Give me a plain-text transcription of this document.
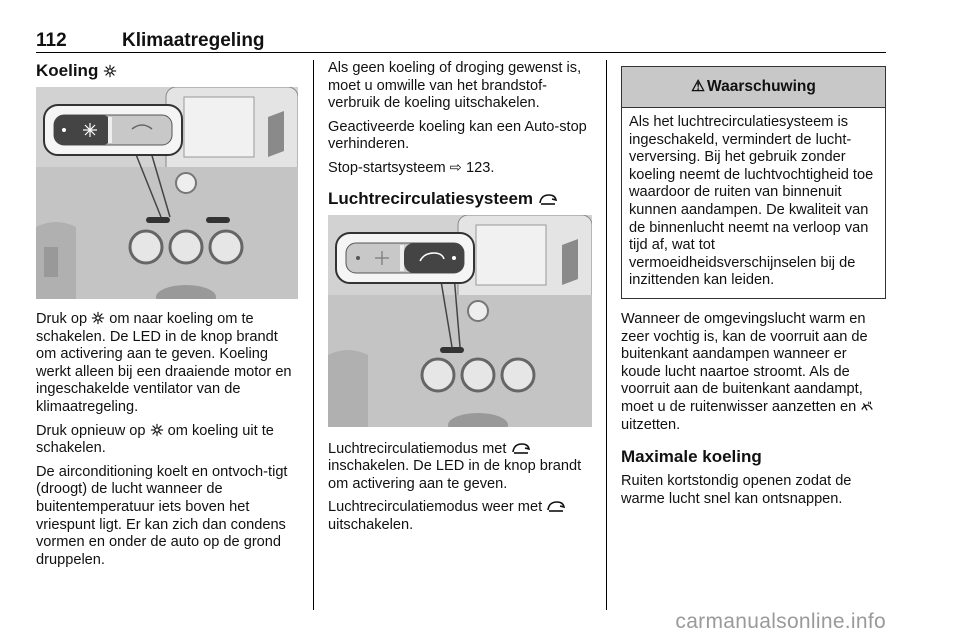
112	Klimaatregeling
Koeling

Druk op om naar koeling om te schakelen. De LED in de knop brandt om activering aan te geven. Koeling werkt alleen bij een draaiende motor en ingeschakelde ventilator van de klimaatregeling.

Druk opnieuw op om koeling uit te schakelen.

De airconditioning koelt en ontvoch-tigt (droogt) de lucht wanneer de buitentemperatuur iets boven het vriespunt ligt. Er kan zich dan condens vormen en onder de auto op de grond druppelen.

Als geen koeling of droging gewenst is, moet u omwille van het brandstof-verbruik de koeling uitschakelen.

Geactiveerde koeling kan een Auto-stop verhinderen.

Stop-startsysteem ⇨ 123.

Luchtrecirculatiesysteem

Luchtrecirculatiemodus met
inschakelen. De LED in de knop brandt om activering aan te geven.

Luchtrecirculatiemodus weer met
uitschakelen.

⚠ Waarschuwing
Als het luchtrecirculatiesysteem is ingeschakeld, vermindert de lucht-verversing. Bij het gebruik zonder koeling neemt de luchtvochtigheid toe waardoor de ruiten van binnenuit kunnen aandampen. De kwaliteit van de binnenlucht neemt na verloop van tijd af, wat tot vermoeidheidsverschijnselen bij de inzittenden kan leiden.

Wanneer de omgevingslucht warm en zeer vochtig is, kan de voorruit aan de buitenkant aandampen wanneer er koude lucht naartoe stroomt. Als de voorruit aan de buitenkant aandampt, moet u de ruitenwisser aanzetten en
uitzetten.

Maximale koeling

Ruiten kortstondig openen zodat de warme lucht snel kan ontsnappen.

carmanualsonline.info
